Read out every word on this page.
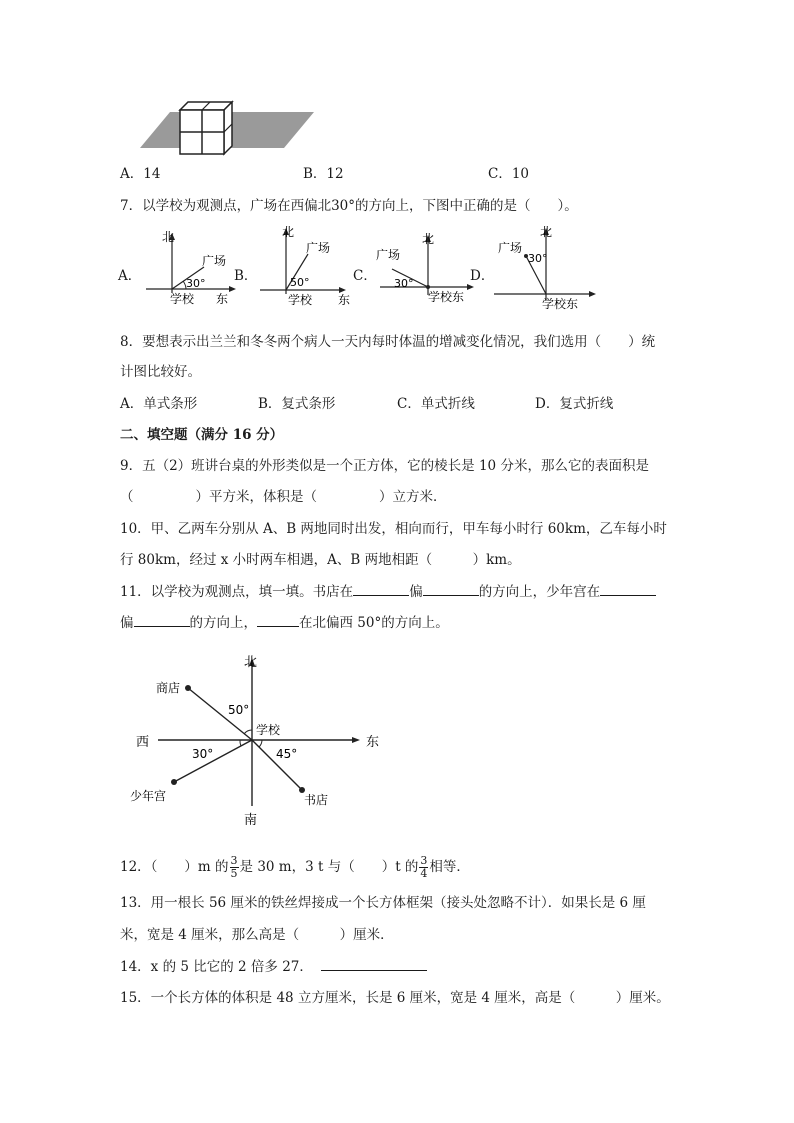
A．14	B．12	C．10
7．以学校为观测点，广场在西偏北30°的方向上，下图中正确的是（　　）。
A．
北
广场
30°
学校 东
B．
北
广场
50°
学校 东
C．
北
广场
30°
学校东
D．
北
广场
30°
学校东
8．要想表示出兰兰和冬冬两个病人一天内每时体温的增减变化情况，我们选用（　　）统
计图比较好。
A．单式条形	B．复式条形	C．单式折线	D．复式折线
二、填空题（满分 16 分）
9．五（2）班讲台桌的外形类似是一个正方体，它的棱长是 10 分米，那么它的表面积是
（	）平方米，体积是（	）立方米．
10．甲、乙两车分别从 A、B 两地同时出发，相向而行，甲车每小时行 60km，乙车每小时
行 80km，经过 x 小时两车相遇，A、B 两地相距（　　　）km。
11．以学校为观测点，填一填。书店在	偏	的方向上，少年宫在
偏	的方向上，	在北偏西 50°的方向上。
北
南
西	东
学校
商店
书店
少年宫
50°
30°	45°
12．（　　）m 的 $\frac{3}{5}$ 是 30 m，3 t 与（　　）t 的 $\frac{3}{4}$ 相等．
13．用一根长 56 厘米的铁丝焊接成一个长方体框架（接头处忽略不计）．如果长是 6 厘
米，宽是 4 厘米，那么高是（　　　）厘米．
14．x 的 5 比它的 2 倍多 27．
15．一个长方体的体积是 48 立方厘米，长是 6 厘米，宽是 4 厘米，高是（　　　）厘米。
